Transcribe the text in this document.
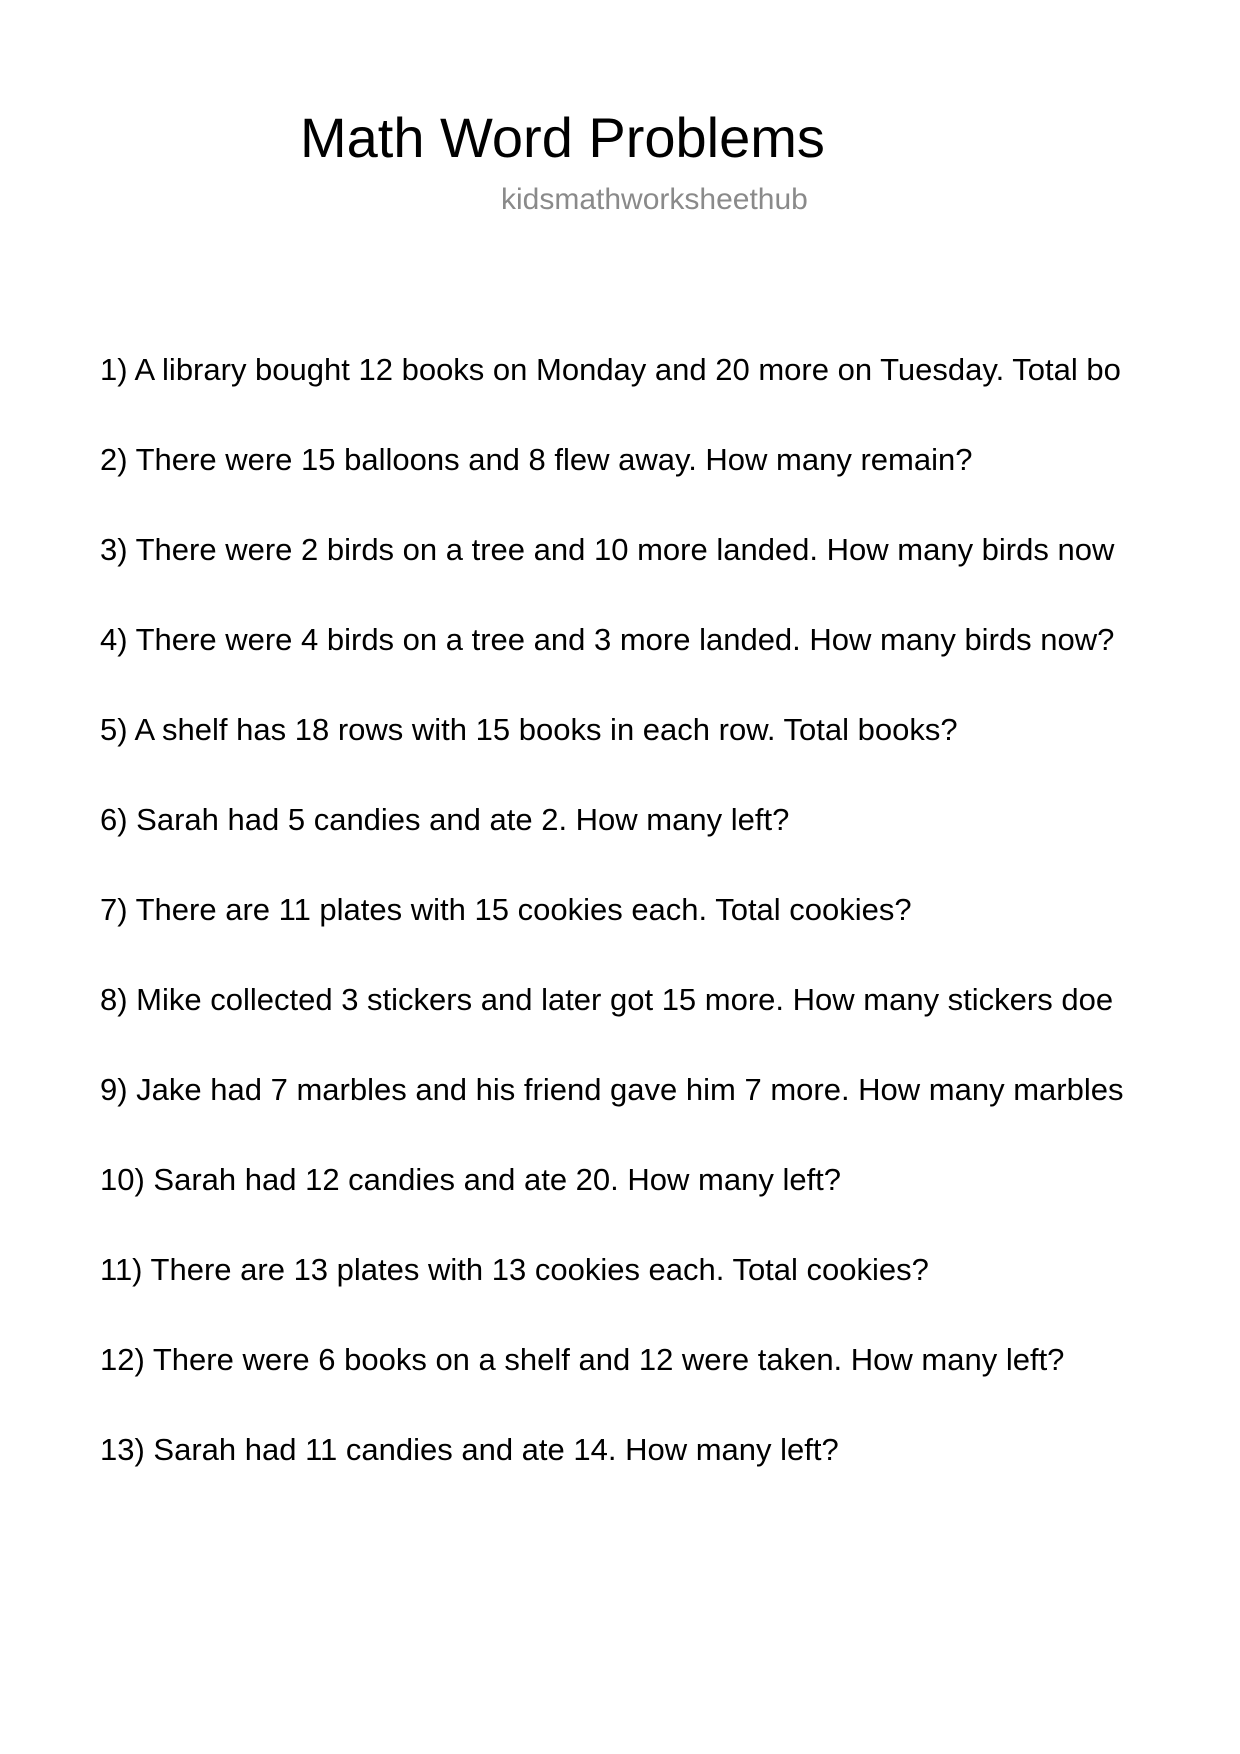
Math Word Problems
kidsmathworksheethub
1) A library bought 12 books on Monday and 20 more on Tuesday. Total bo
2) There were 15 balloons and 8 flew away. How many remain?
3) There were 2 birds on a tree and 10 more landed. How many birds now
4) There were 4 birds on a tree and 3 more landed. How many birds now?
5) A shelf has 18 rows with 15 books in each row. Total books?
6) Sarah had 5 candies and ate 2. How many left?
7) There are 11 plates with 15 cookies each. Total cookies?
8) Mike collected 3 stickers and later got 15 more. How many stickers doe
9) Jake had 7 marbles and his friend gave him 7 more. How many marbles
10) Sarah had 12 candies and ate 20. How many left?
11) There are 13 plates with 13 cookies each. Total cookies?
12) There were 6 books on a shelf and 12 were taken. How many left?
13) Sarah had 11 candies and ate 14. How many left?
